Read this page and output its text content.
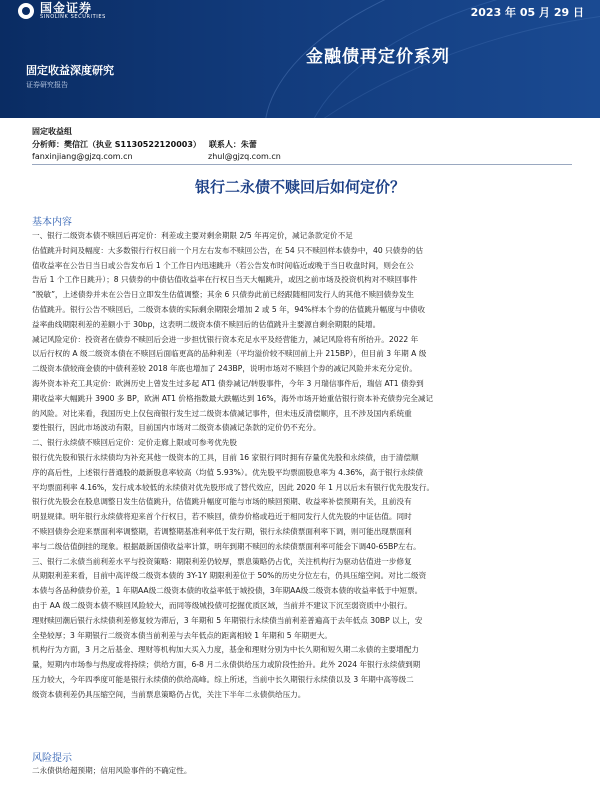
国金证券
SINOLINK SECURITIES	2023 年 05 月 29 日
金融债再定价系列
固定收益深度研究
证券研究报告
固定收益组
分析师：樊信江（执业 S1130522120003） 联系人：朱蕾
fanxinjiang@gjzq.com.cn	zhul@gjzq.com.cn
银行二永债不赎回后如何定价？
基本内容
一、银行二级资本债不赎回后再定价：利差或主要对剩余期限 2/5 年再定价，减记条款定价不足
估值跳升时间及幅度：大多数银行行权日前一个月左右发布不赎回公告，在 54 只不赎回样本债券中，40 只债券的估
值收益率在公告日当日或公告发布后 1 个工作日内迅速跳升（若公告发布时间临近或晚于当日收盘时间，则会在公
告后 1 个工作日跳升）；8 只债券的中债估值收益率在行权日当天大幅跳升，或因之前市场及投资机构对不赎回事件
“脱敏”，上述债券并未在公告日立即发生估值调整；其余 6 只债券此前已经跟随相同发行人的其他不赎回债券发生
估值跳升。银行公告不赎回后，二级资本债的实际剩余期限会增加 2 或 5 年，94%样本个券的估值跳升幅度与中债收
益率曲线期限利差的差额小于 30bp，这表明二级资本债不赎回后的估值跳升主要源自剩余期限的陡增。
减记风险定价：投资者在债券不赎回后会进一步担忧银行资本充足水平及经营能力，减记风险将有所抬升。2022 年
以后行权的 A 级二级资本债在不赎回后面临更高的品种利差（平均溢价较不赎回前上升 215BP），但目前 3 年期 A 级
二级资本债较商金债的中债利差较 2018 年底也增加了 243BP，说明市场对不赎回个券的减记风险并未充分定价。
海外资本补充工具定价：欧洲历史上曾发生过多起 AT1 债券减记/转股事件，今年 3 月瑞信事件后，瑞信 AT1 债券到
期收益率大幅跳升 3900 多 BP，欧洲 AT1 价格指数最大跌幅达到 16%，海外市场开始重估银行资本补充债券完全减记
的风险。对比来看，我国历史上仅包商银行发生过二级资本债减记事件，但未违反清偿顺序，且不涉及国内系统重
要性银行，因此市场波动有限，目前国内市场对二级资本债减记条款的定价仍不充分。
二、银行永续债不赎回后定价：定价走廊上限或可参考优先股
银行优先股和银行永续债均为补充其他一级资本的工具，目前 16 家银行同时拥有存量优先股和永续债，由于清偿顺
序的高后性，上述银行普通股的最新股息率较高（均值 5.93%）。优先股平均票面股息率为 4.36%，高于银行永续债
平均票面利率 4.16%，发行成本较低的永续债对优先股形成了替代效应，因此 2020 年 1 月以后未有银行优先股发行。
银行优先股会在股息调整日发生估值跳升，估值跳升幅度可能与市场的赎回预期、收益率补偿预期有关，且前没有
明显规律。明年银行永续债将迎来首个行权日，若不赎回，债券价格或趋近于相同发行人优先股的中证估值。同时
不赎回债券会迎来票面利率调整期，若调整期基准利率低于发行期，银行永续债票面利率下调，则可能出现票面利
率与二级估值倒挂的现象。根据最新国债收益率计算，明年到期不赎回的永续债票面利率可能会下调40-65BP左右。
三、银行二永债当前利差水平与投资策略：期限利差仍较厚，票息策略仍占优，关注机构行为驱动估值进一步修复
从期限利差来看，目前中高评级二级资本债的 3Y-1Y 期限利差位于 50%的历史分位左右，仍具压缩空间。对比二级资
本债与各品种债券价差，1 年期AA级二级资本债的收益率低于城投债，3年期AA级二级资本债的收益率低于中短票。
由于 AA 级二级资本债不赎回风险较大，而同等级城投债可挖掘优质区域，当前并不建议下沉至弱资质中小银行。
理财赎回潮后银行永续债利差修复较为滞后，3 年期和 5 年期银行永续债当前利差普遍高于去年低点 30BP 以上，安
全垫较厚；3 年期银行二级资本债当前利差与去年低点的距离相较 1 年期和 5 年期更大。
机构行为方面，3 月之后基金、理财等机构加大买入力度，基金和理财分别为中长久期和短久期二永债的主要增配力
量，短期内市场参与热度或将持续；供给方面，6-8 月二永债供给压力或阶段性抬升。此外 2024 年银行永续债到期
压力较大，今年四季度可能是银行永续债的供给高峰。综上所述，当前中长久期银行永续债以及 3 年期中高等级二
级资本债利差仍具压缩空间，当前票息策略仍占优，关注下半年二永债供给压力。
风险提示
二永债供给超预期；信用风险事件的不确定性。
